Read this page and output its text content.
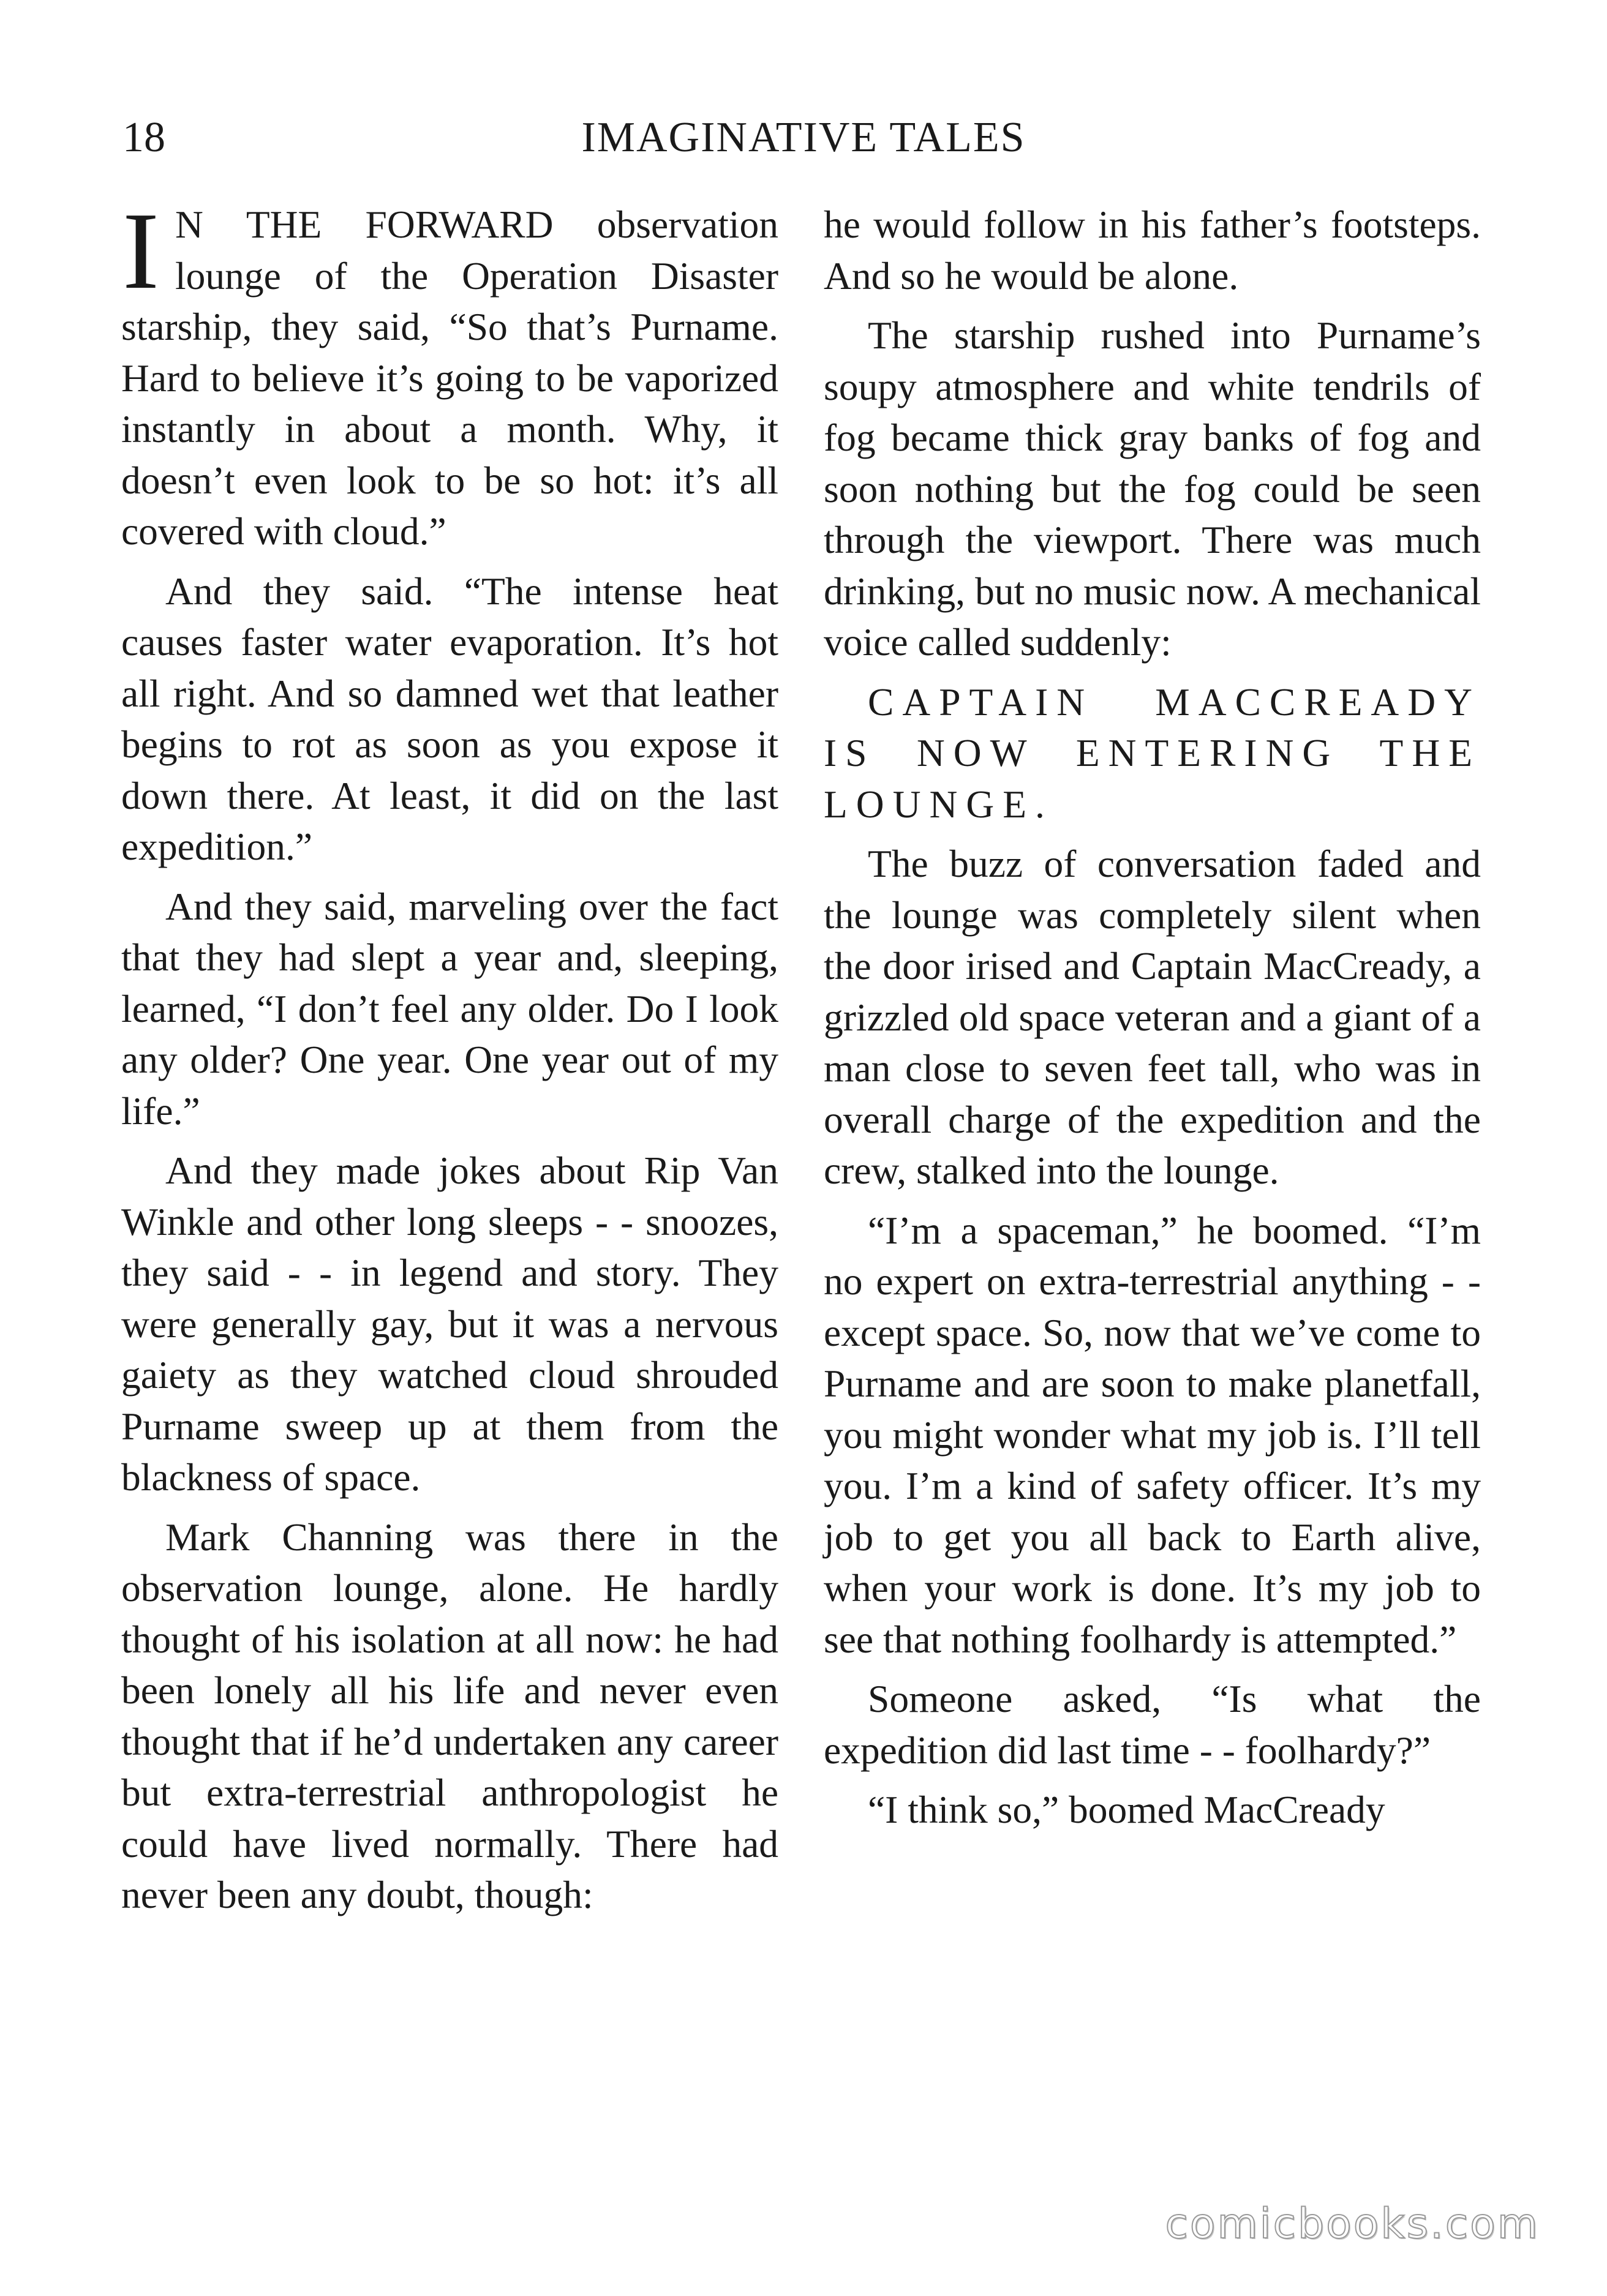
18	IMAGINATIVE TALES

I N THE FORWARD observation lounge of the Operation Disaster starship, they said, “So that’s Purname. Hard to believe it’s going to be vaporized instantly in about a month. Why, it doesn’t even look to be so hot: it’s all covered with cloud.”

And they said. “The intense heat causes faster water evaporation. It’s hot all right. And so damned wet that leather begins to rot as soon as you expose it down there. At least, it did on the last expedition.”

And they said, marveling over the fact that they had slept a year and, sleeping, learned, “I don’t feel any older. Do I look any older? One year. One year out of my life.”

And they made jokes about Rip Van Winkle and other long sleeps - - snoozes, they said - - in legend and story. They were generally gay, but it was a nervous gaiety as they watched cloud shrouded Purname sweep up at them from the blackness of space.

Mark Channing was there in the observation lounge, alone. He hardly thought of his isolation at all now: he had been lonely all his life and never even thought that if he’d undertaken any career but extra-terrestrial anthropologist he could have lived normally. There had never been any doubt, though:

he would follow in his father’s footsteps. And so he would be alone.

The starship rushed into Purname’s soupy atmosphere and white tendrils of fog became thick gray banks of fog and soon nothing but the fog could be seen through the viewport. There was much drinking, but no music now. A mechanical voice called suddenly:

CAPTAIN MACCREADY IS NOW ENTERING THE LOUNGE.

The buzz of conversation faded and the lounge was completely silent when the door irised and Captain MacCready, a grizzled old space veteran and a giant of a man close to seven feet tall, who was in overall charge of the expedition and the crew, stalked into the lounge.

“I’m a spaceman,” he boomed. “I’m no expert on extra-terrestrial anything - - except space. So, now that we’ve come to Purname and are soon to make planetfall, you might wonder what my job is. I’ll tell you. I’m a kind of safety officer. It’s my job to get you all back to Earth alive, when your work is done. It’s my job to see that nothing foolhardy is attempted.”

Someone asked, “Is what the expedition did last time - - foolhardy?”

“I think so,” boomed MacCready

comicbooks.com
